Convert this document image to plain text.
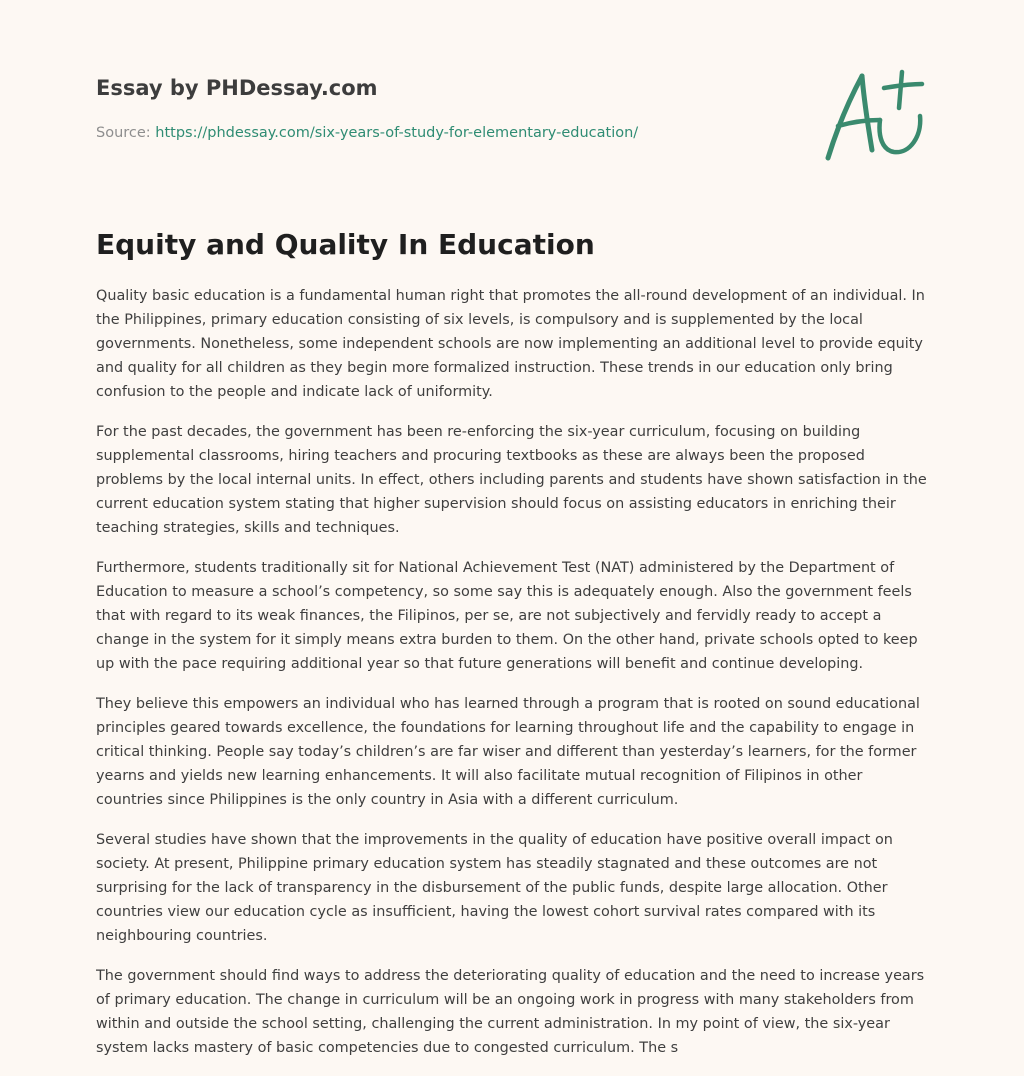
Essay by PHDessay.com
Source: https://phdessay.com/six-years-of-study-for-elementary-education/
Equity and Quality In Education

Quality basic education is a fundamental human right that promotes the all-round development of an individual. In the Philippines, primary education consisting of six levels, is compulsory and is supplemented by the local governments. Nonetheless, some independent schools are now implementing an additional level to provide equity and quality for all children as they begin more formalized instruction. These trends in our education only bring confusion to the people and indicate lack of uniformity.

For the past decades, the government has been re-enforcing the six-year curriculum, focusing on building supplemental classrooms, hiring teachers and procuring textbooks as these are always been the proposed problems by the local internal units. In effect, others including parents and students have shown satisfaction in the current education system stating that higher supervision should focus on assisting educators in enriching their teaching strategies, skills and techniques.

Furthermore, students traditionally sit for National Achievement Test (NAT) administered by the Department of Education to measure a school’s competency, so some say this is adequately enough. Also the government feels that with regard to its weak finances, the Filipinos, per se, are not subjectively and fervidly ready to accept a change in the system for it simply means extra burden to them. On the other hand, private schools opted to keep up with the pace requiring additional year so that future generations will benefit and continue developing.

They believe this empowers an individual who has learned through a program that is rooted on sound educational principles geared towards excellence, the foundations for learning throughout life and the capability to engage in critical thinking. People say today’s children’s are far wiser and different than yesterday’s learners, for the former yearns and yields new learning enhancements. It will also facilitate mutual recognition of Filipinos in other countries since Philippines is the only country in Asia with a different curriculum.

Several studies have shown that the improvements in the quality of education have positive overall impact on society. At present, Philippine primary education system has steadily stagnated and these outcomes are not surprising for the lack of transparency in the disbursement of the public funds, despite large allocation. Other countries view our education cycle as insufficient, having the lowest cohort survival rates compared with its neighbouring countries.

The government should find ways to address the deteriorating quality of education and the need to increase years of primary education. The change in curriculum will be an ongoing work in progress with many stakeholders from within and outside the school setting, challenging the current administration. In my point of view, the six-year system lacks mastery of basic competencies due to congested curriculum. The s
